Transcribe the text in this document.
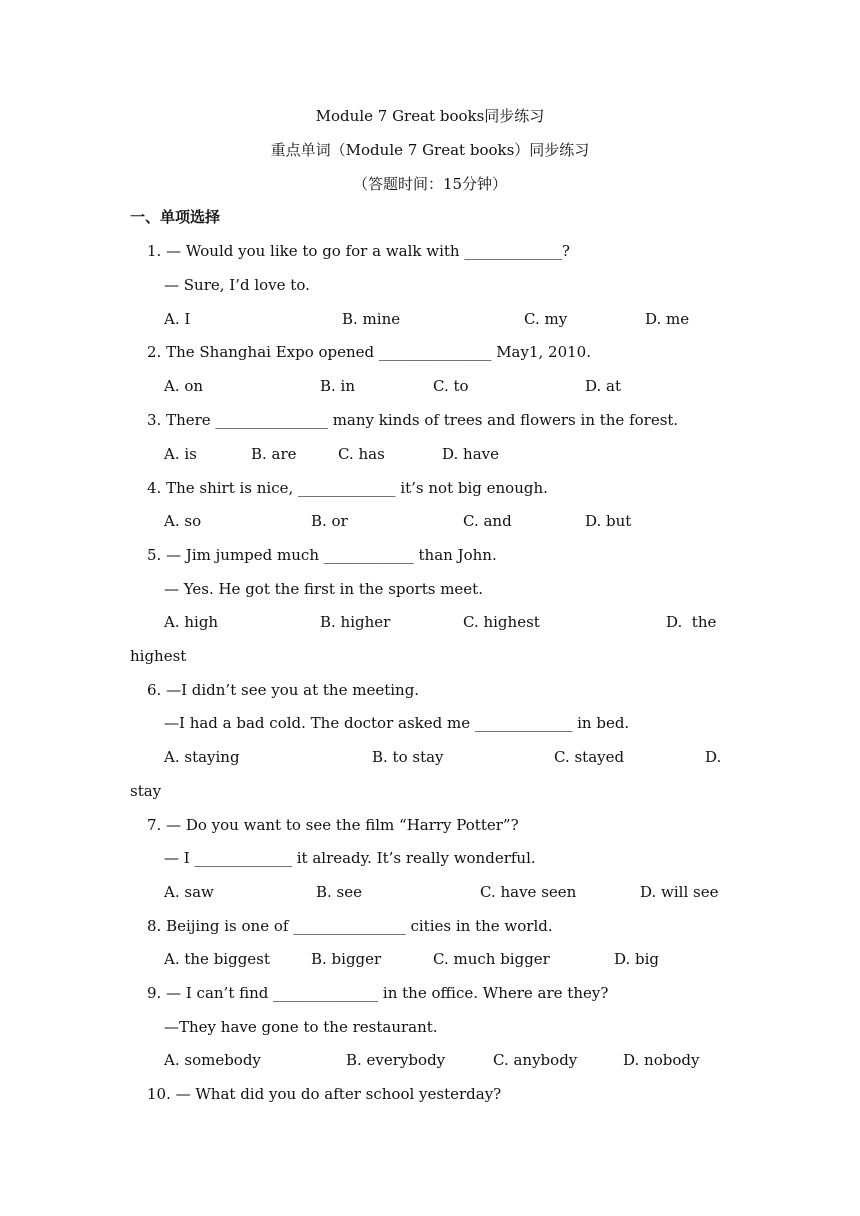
Module 7 Great books同步练习
重点单词（Module 7 Great books）同步练习
（答题时间：15分钟）
一、单项选择
1. — Would you like to go for a walk with _____________?
— Sure, I’d love to.
A. I	B. mine	C. my	D. me
2. The Shanghai Expo opened _______________ May1, 2010.
A. on	B. in	C. to	D. at
3. There _______________ many kinds of trees and flowers in the forest.
A. is	B. are	C. has	D. have
4. The shirt is nice, _____________ it’s not big enough.
A. so	B. or	C. and	D. but
5. — Jim jumped much ____________ than John.
— Yes. He got the first in the sports meet.
A. high	B. higher	C. highest	D.  the
highest
6. —I didn’t see you at the meeting.
—I had a bad cold. The doctor asked me _____________ in bed.
A. staying	B. to stay	C. stayed	D.
stay
7. — Do you want to see the film “Harry Potter”?
— I _____________ it already. It’s really wonderful.
A. saw	B. see	C. have seen	D. will see
8. Beijing is one of _______________ cities in the world.
A. the biggest	B. bigger	C. much bigger	D. big
9. — I can’t find ______________ in the office. Where are they?
—They have gone to the restaurant.
A. somebody	B. everybody	C. anybody	D. nobody
10. — What did you do after school yesterday?
